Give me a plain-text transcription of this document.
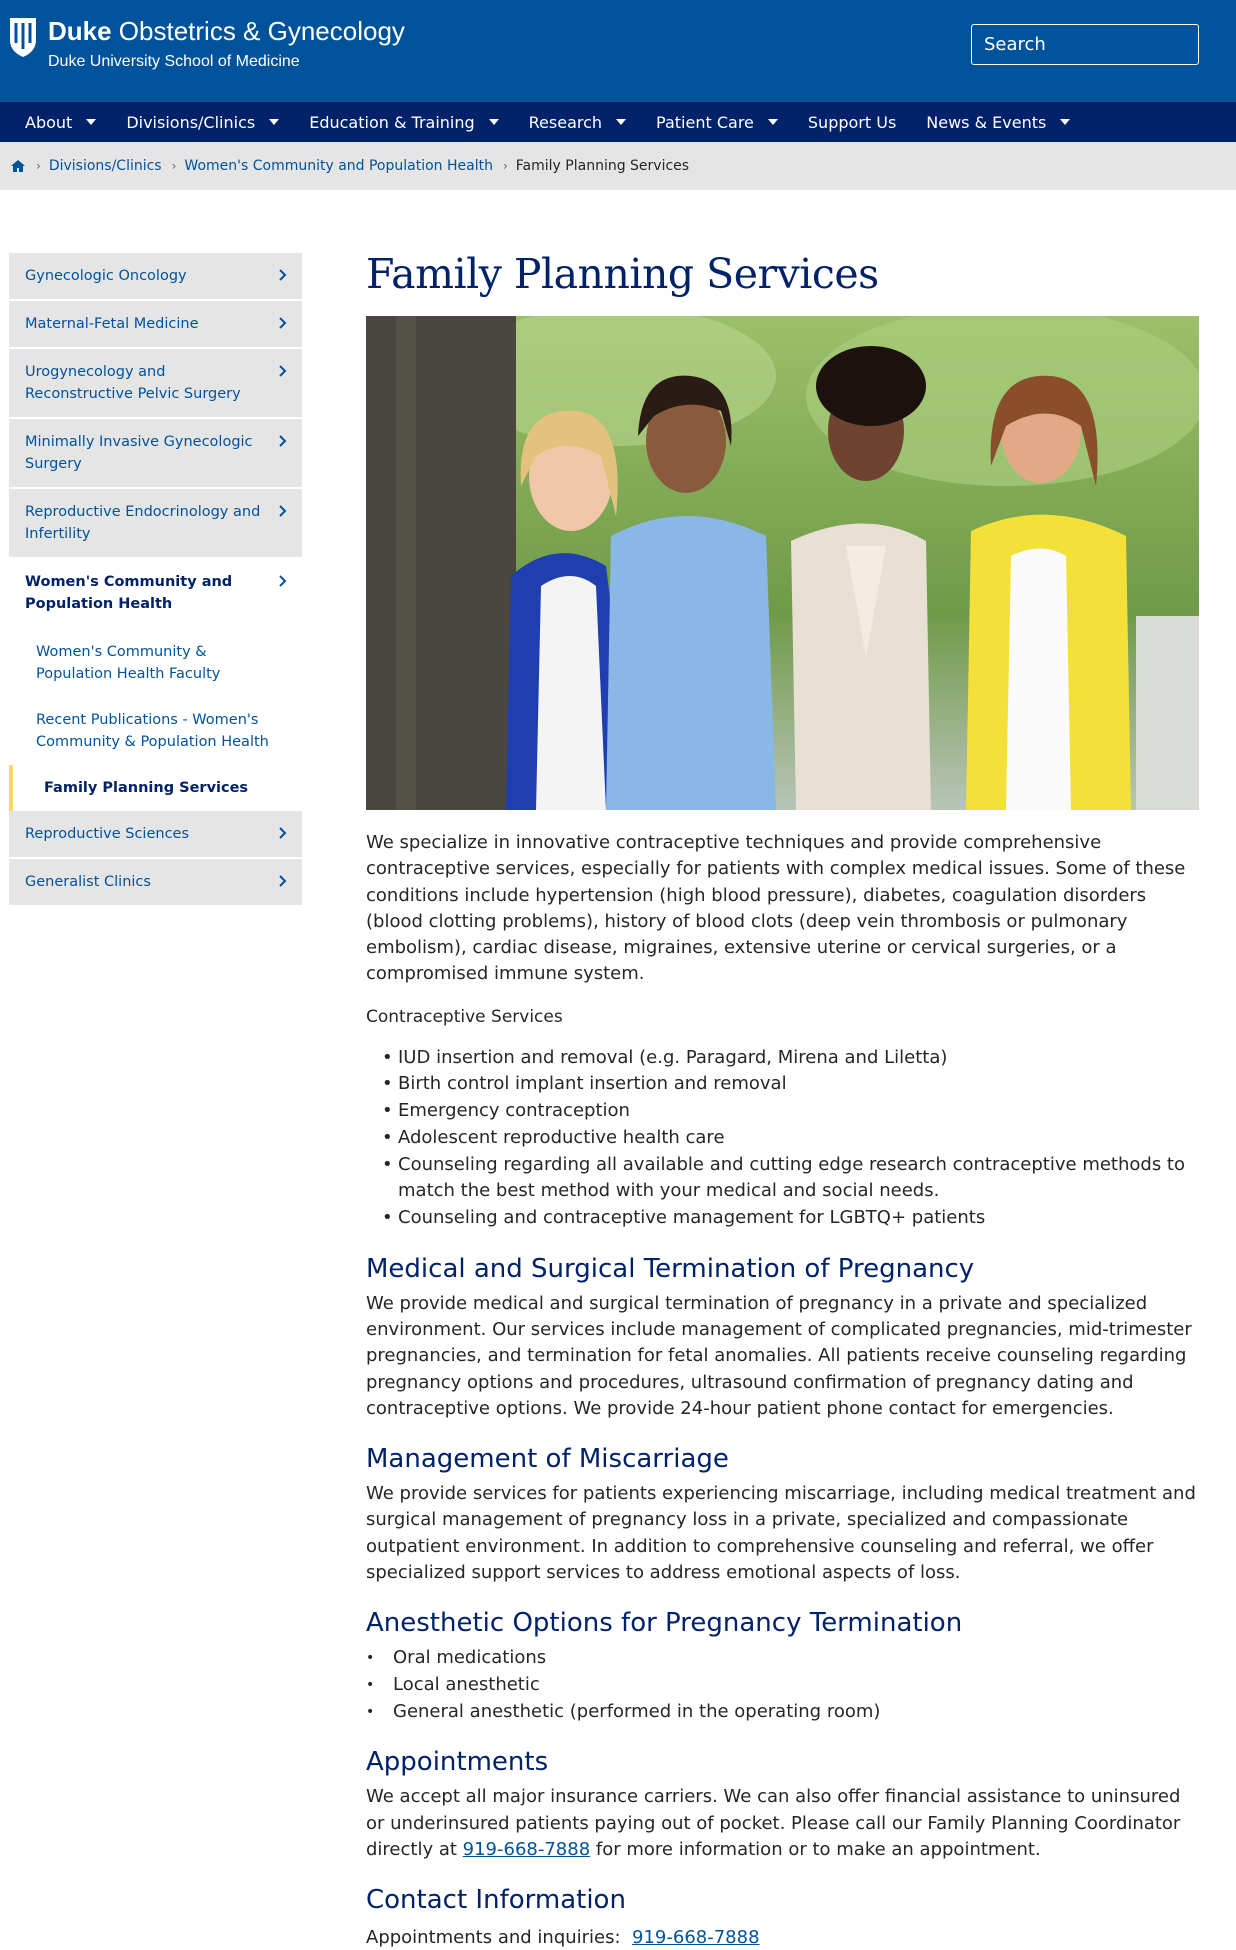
Duke Obstetrics & Gynecology
Duke University School of Medicine
Search
About	Divisions/Clinics	Education & Training	Research	Patient Care	Support Us News & Events
› Divisions/Clinics › Women's Community and Population Health › Family Planning Services
Gynecologic Oncology
Maternal-Fetal Medicine
Urogynecology and Reconstructive Pelvic Surgery
Minimally Invasive Gynecologic Surgery
Reproductive Endocrinology and Infertility
Women's Community and Population Health
Women's Community & Population Health Faculty
Recent Publications - Women's Community & Population Health
Family Planning Services
Reproductive Sciences
Generalist Clinics
Family Planning Services

We specialize in innovative contraceptive techniques and provide comprehensive contraceptive services, especially for patients with complex medical issues. Some of these conditions include hypertension (high blood pressure), diabetes, coagulation disorders (blood clotting problems), history of blood clots (deep vein thrombosis or pulmonary embolism), cardiac disease, migraines, extensive uterine or cervical surgeries, or a compromised immune system.

Contraceptive Services

• IUD insertion and removal (e.g. Paragard, Mirena and Liletta)
• Birth control implant insertion and removal
• Emergency contraception
• Adolescent reproductive health care
• Counseling regarding all available and cutting edge research contraceptive methods to match the best method with your medical and social needs.
• Counseling and contraceptive management for LGBTQ+ patients
Medical and Surgical Termination of Pregnancy

We provide medical and surgical termination of pregnancy in a private and specialized environment. Our services include management of complicated pregnancies, mid-trimester pregnancies, and termination for fetal anomalies. All patients receive counseling regarding pregnancy options and procedures, ultrasound confirmation of pregnancy dating and contraceptive options. We provide 24-hour patient phone contact for emergencies.

Management of Miscarriage

We provide services for patients experiencing miscarriage, including medical treatment and surgical management of pregnancy loss in a private, specialized and compassionate outpatient environment. In addition to comprehensive counseling and referral, we offer specialized support services to address emotional aspects of loss.

Anesthetic Options for Pregnancy Termination
• Oral medications
• Local anesthetic
• General anesthetic (performed in the operating room)
Appointments

We accept all major insurance carriers. We can also offer financial assistance to uninsured or underinsured patients paying out of pocket. Please call our Family Planning Coordinator directly at 919-668-7888 for more information or to make an appointment.

Contact Information

Appointments and inquiries: 919-668-7888
